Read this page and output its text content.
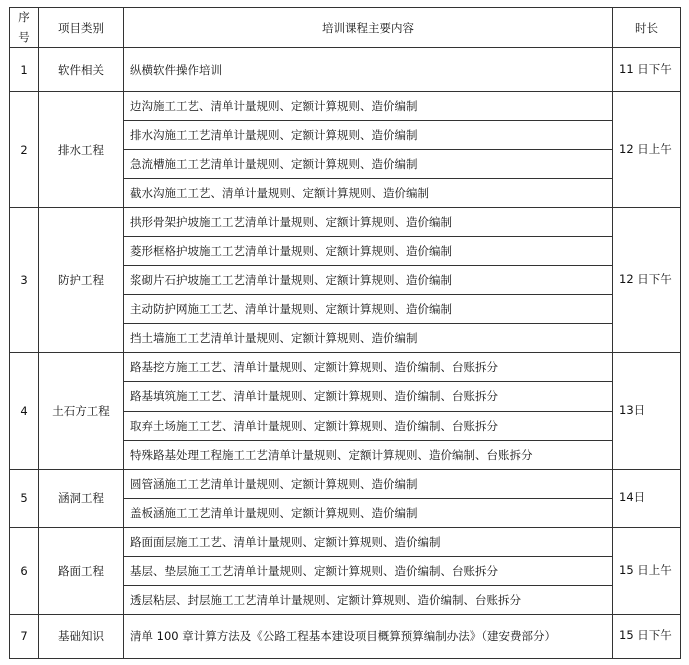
序号	项目类别	培训课程主要内容	时长
1	软件相关	纵横软件操作培训	11 日下午
2	排水工程	边沟施工工艺、清单计量规则、定额计算规则、造价编制	12 日上午
		排水沟施工工艺清单计量规则、定额计算规则、造价编制	
		急流槽施工工艺清单计量规则、定额计算规则、造价编制	
		截水沟施工工艺、清单计量规则、定额计算规则、造价编制	
3	防护工程	拱形骨架护坡施工工艺清单计量规则、定额计算规则、造价编制	12 日下午
		菱形框格护坡施工工艺清单计量规则、定额计算规则、造价编制	
		浆砌片石护坡施工工艺清单计量规则、定额计算规则、造价编制	
		主动防护网施工工艺、清单计量规则、定额计算规则、造价编制	
		挡土墙施工工艺清单计量规则、定额计算规则、造价编制	
4	土石方工程	路基挖方施工工艺、清单计量规则、定额计算规则、造价编制、台账拆分	13日
		路基填筑施工工艺、清单计量规则、定额计算规则、造价编制、台账拆分	
		取弃土场施工工艺、清单计量规则、定额计算规则、造价编制、台账拆分	
		特殊路基处理工程施工工艺清单计量规则、定额计算规则、造价编制、台账拆分	
5	涵洞工程	圆管涵施工工艺清单计量规则、定额计算规则、造价编制	14日
		盖板涵施工工艺清单计量规则、定额计算规则、造价编制	
6	路面工程	路面面层施工工艺、清单计量规则、定额计算规则、造价编制	15 日上午
		基层、垫层施工工艺清单计量规则、定额计算规则、造价编制、台账拆分	
		透层粘层、封层施工工艺清单计量规则、定额计算规则、造价编制、台账拆分	
7	基础知识	清单 100 章计算方法及《公路工程基本建设项目概算预算编制办法》（建安费部分）	15 日下午
